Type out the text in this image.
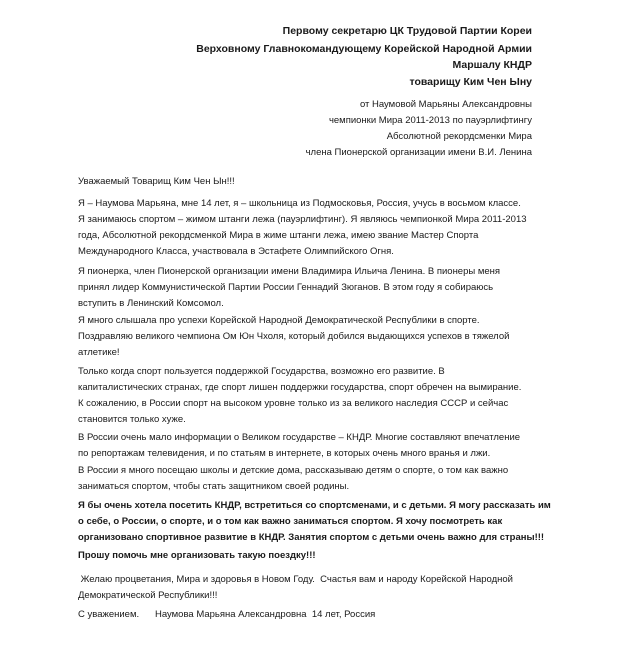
Первому секретарю ЦК Трудовой Партии Кореи
Верховному Главнокомандующему Корейской Народной Армии
Маршалу КНДР
товарищу Ким Чен Ыну
от Наумовой Марьяны Александровны
чемпионки Мира 2011-2013 по пауэрлифтингу
Абсолютной рекордсменки Мира
члена Пионерской организации имени В.И. Ленина
Уважаемый Товарищ Ким Чен Ын!!!
Я – Наумова Марьяна, мне 14 лет, я – школьница из Подмосковья, Россия, учусь в восьмом классе.
Я занимаюсь спортом – жимом штанги лежа (пауэрлифтинг). Я являюсь чемпионкой Мира 2011-2013
года, Абсолютной рекордсменкой Мира в жиме штанги лежа, имею звание Мастер Спорта
Международного Класса, участвовала в Эстафете Олимпийского Огня.
Я пионерка, член Пионерской организации имени Владимира Ильича Ленина. В пионеры меня
принял лидер Коммунистической Партии России Геннадий Зюганов. В этом году я собираюсь
вступить в Ленинский Комсомол.
Я много слышала про успехи Корейской Народной Демократической Республики в спорте.
Поздравляю великого чемпиона Ом Юн Чхоля, который добился выдающихся успехов в тяжелой
атлетике!
Только когда спорт пользуется поддержкой Государства, возможно его развитие. В
капиталистических странах, где спорт лишен поддержки государства, спорт обречен на вымирание.
К сожалению, в России спорт на высоком уровне только из за великого наследия СССР и сейчас
становится только хуже.
В России очень мало информации о Великом государстве – КНДР. Многие составляют впечатление
по репортажам телевидения, и по статьям в интернете, в которых очень много вранья и лжи.
В России я много посещаю школы и детские дома, рассказываю детям о спорте, о том как важно
заниматься спортом, чтобы стать защитником своей родины.
Я бы очень хотела посетить КНДР, встретиться со спортсменами, и с детьми. Я могу рассказать им
о себе, о России, о спорте, и о том как важно заниматься спортом. Я хочу посмотреть как
организовано спортивное развитие в КНДР. Занятия спортом с детьми очень важно для страны!!!
Прошу помочь мне организовать такую поездку!!!
Желаю процветания, Мира и здоровья в Новом Году.  Счастья вам и народу Корейской Народной
Демократической Республики!!!
С уважением.      Наумова Марьяна Александровна  14 лет, Россия
